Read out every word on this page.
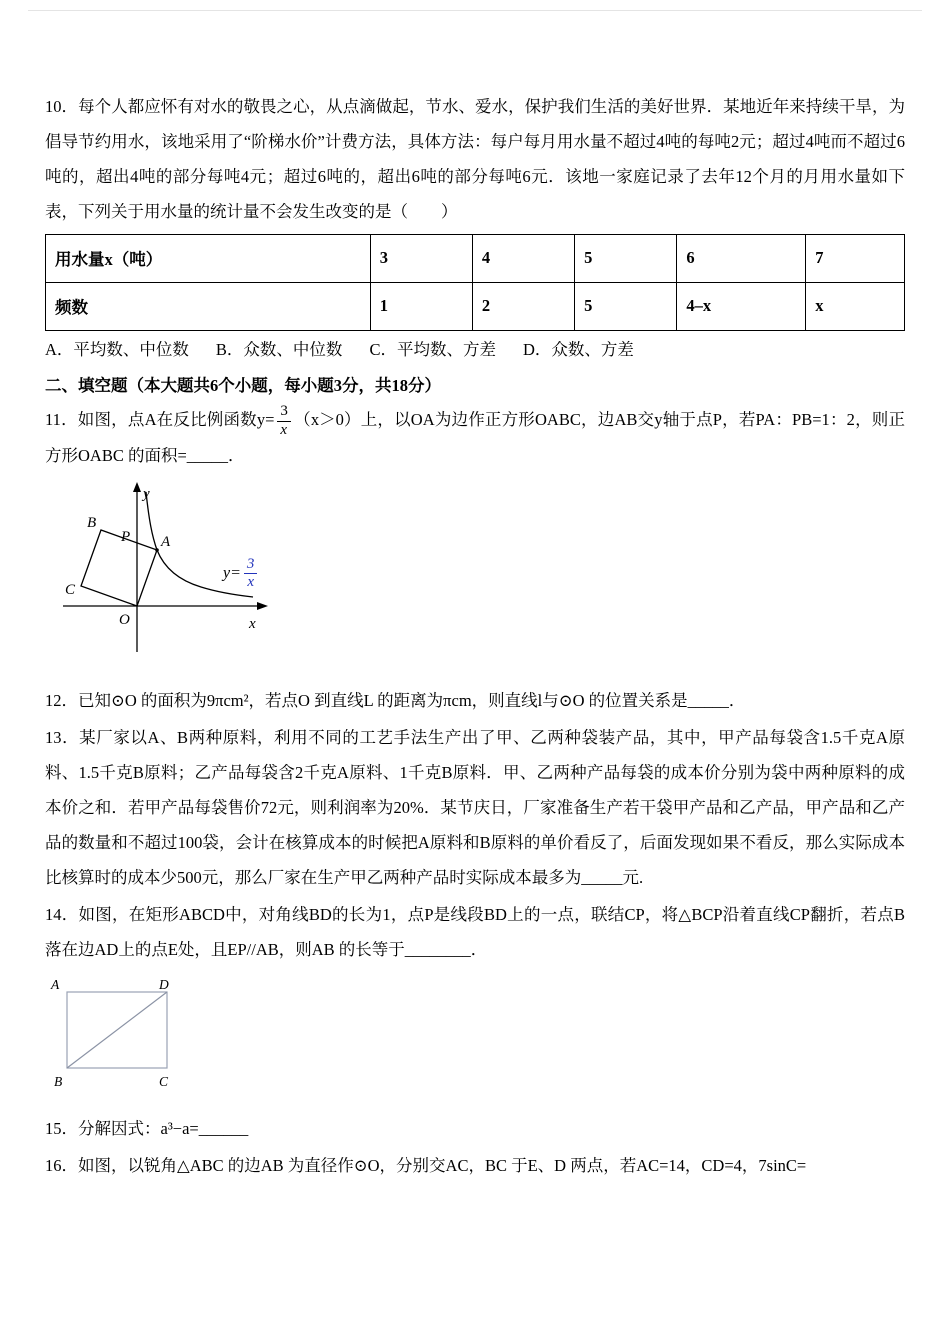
10．每个人都应怀有对水的敬畏之心，从点滴做起，节水、爱水，保护我们生活的美好世界．某地近年来持续干旱，为倡导节约用水，该地采用了“阶梯水价”计费方法，具体方法：每户每月用水量不超过4吨的每吨2元；超过4吨而不超过6吨的，超出4吨的部分每吨4元；超过6吨的，超出6吨的部分每吨6元．该地一家庭记录了去年12个月的月用水量如下表，下列关于用水量的统计量不会发生改变的是（　　）

用水量x（吨）	3	4	5	6	7
频数	1	2	5	4–x	x

A．平均数、中位数 B．众数、中位数 C．平均数、方差 D．众数、方差

二、填空题（本大题共6个小题，每小题3分，共18分）

11．如图，点A在反比例函数$y= \frac{3}{x} (x>0)$上，以OA为边作正方形OABC，边AB交y轴于点P，若PA：PB=1：2，则正方形OABC 的面积=_____．

y
x
O
B
P A
C
$y= \frac{3}{x}$

12．已知⊙O 的面积为9πcm²，若点O 到直线L 的距离为πcm，则直线l与⊙O 的位置关系是_____．

13．某厂家以A、B两种原料，利用不同的工艺手法生产出了甲、乙两种袋装产品，其中，甲产品每袋含1.5千克A原料、1.5千克B原料；乙产品每袋含2千克A原料、1千克B原料．甲、乙两种产品每袋的成本价分别为袋中两种原料的成本价之和．若甲产品每袋售价72元，则利润率为20%．某节庆日，厂家准备生产若干袋甲产品和乙产品，甲产品和乙产品的数量和不超过100袋，会计在核算成本的时候把A原料和B原料的单价看反了，后面发现如果不看反，那么实际成本比核算时的成本少500元，那么厂家在生产甲乙两种产品时实际成本最多为_____元.

14．如图，在矩形ABCD中，对角线BD的长为1，点P是线段BD上的一点，联结CP，将△BCP沿着直线CP翻折，若点B落在边AD上的点E处，且EP//AB，则AB 的长等于________．

A	D
B	C

15．分解因式：a³−a=______

16．如图，以锐角△ABC 的边AB 为直径作⊙O，分别交AC，BC 于E、D 两点，若AC=14，CD=4，7sinC=
